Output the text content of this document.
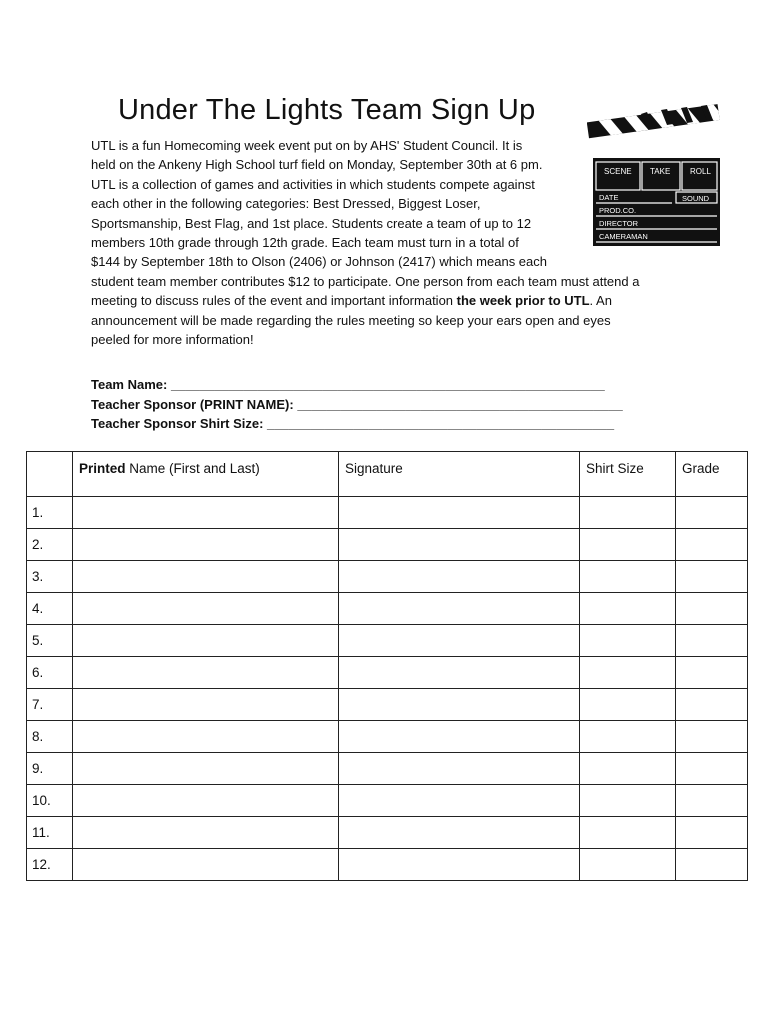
Under The Lights Team Sign Up
UTL is a fun Homecoming week event put on by AHS' Student Council. It is
held on the Ankeny High School turf field on Monday, September 30th at 6 pm.
UTL is a collection of games and activities in which students compete against
each other in the following categories: Best Dressed, Biggest Loser,
Sportsmanship, Best Flag, and 1st place. Students create a team of up to 12
members 10th grade through 12th grade. Each team must turn in a total of
$144 by September 18th to Olson (2406) or Johnson (2417) which means each
student team member contributes $12 to participate. One person from each team must attend a
meeting to discuss rules of the event and important information the week prior to UTL. An
announcement will be made regarding the rules meeting so keep your ears open and eyes
peeled for more information!
SCENE TAKE ROLL
DATE	SOUND
PROD.CO.
DIRECTOR
CAMERAMAN
Team Name: ____________________________________________________________
Teacher Sponsor (PRINT NAME): _____________________________________________
Teacher Sponsor Shirt Size: ________________________________________________
	Printed Name (First and Last)	Signature	Shirt Size	Grade
1.				
2.				
3.				
4.				
5.				
6.				
7.				
8.				
9.				
10.				
11.				
12.				
